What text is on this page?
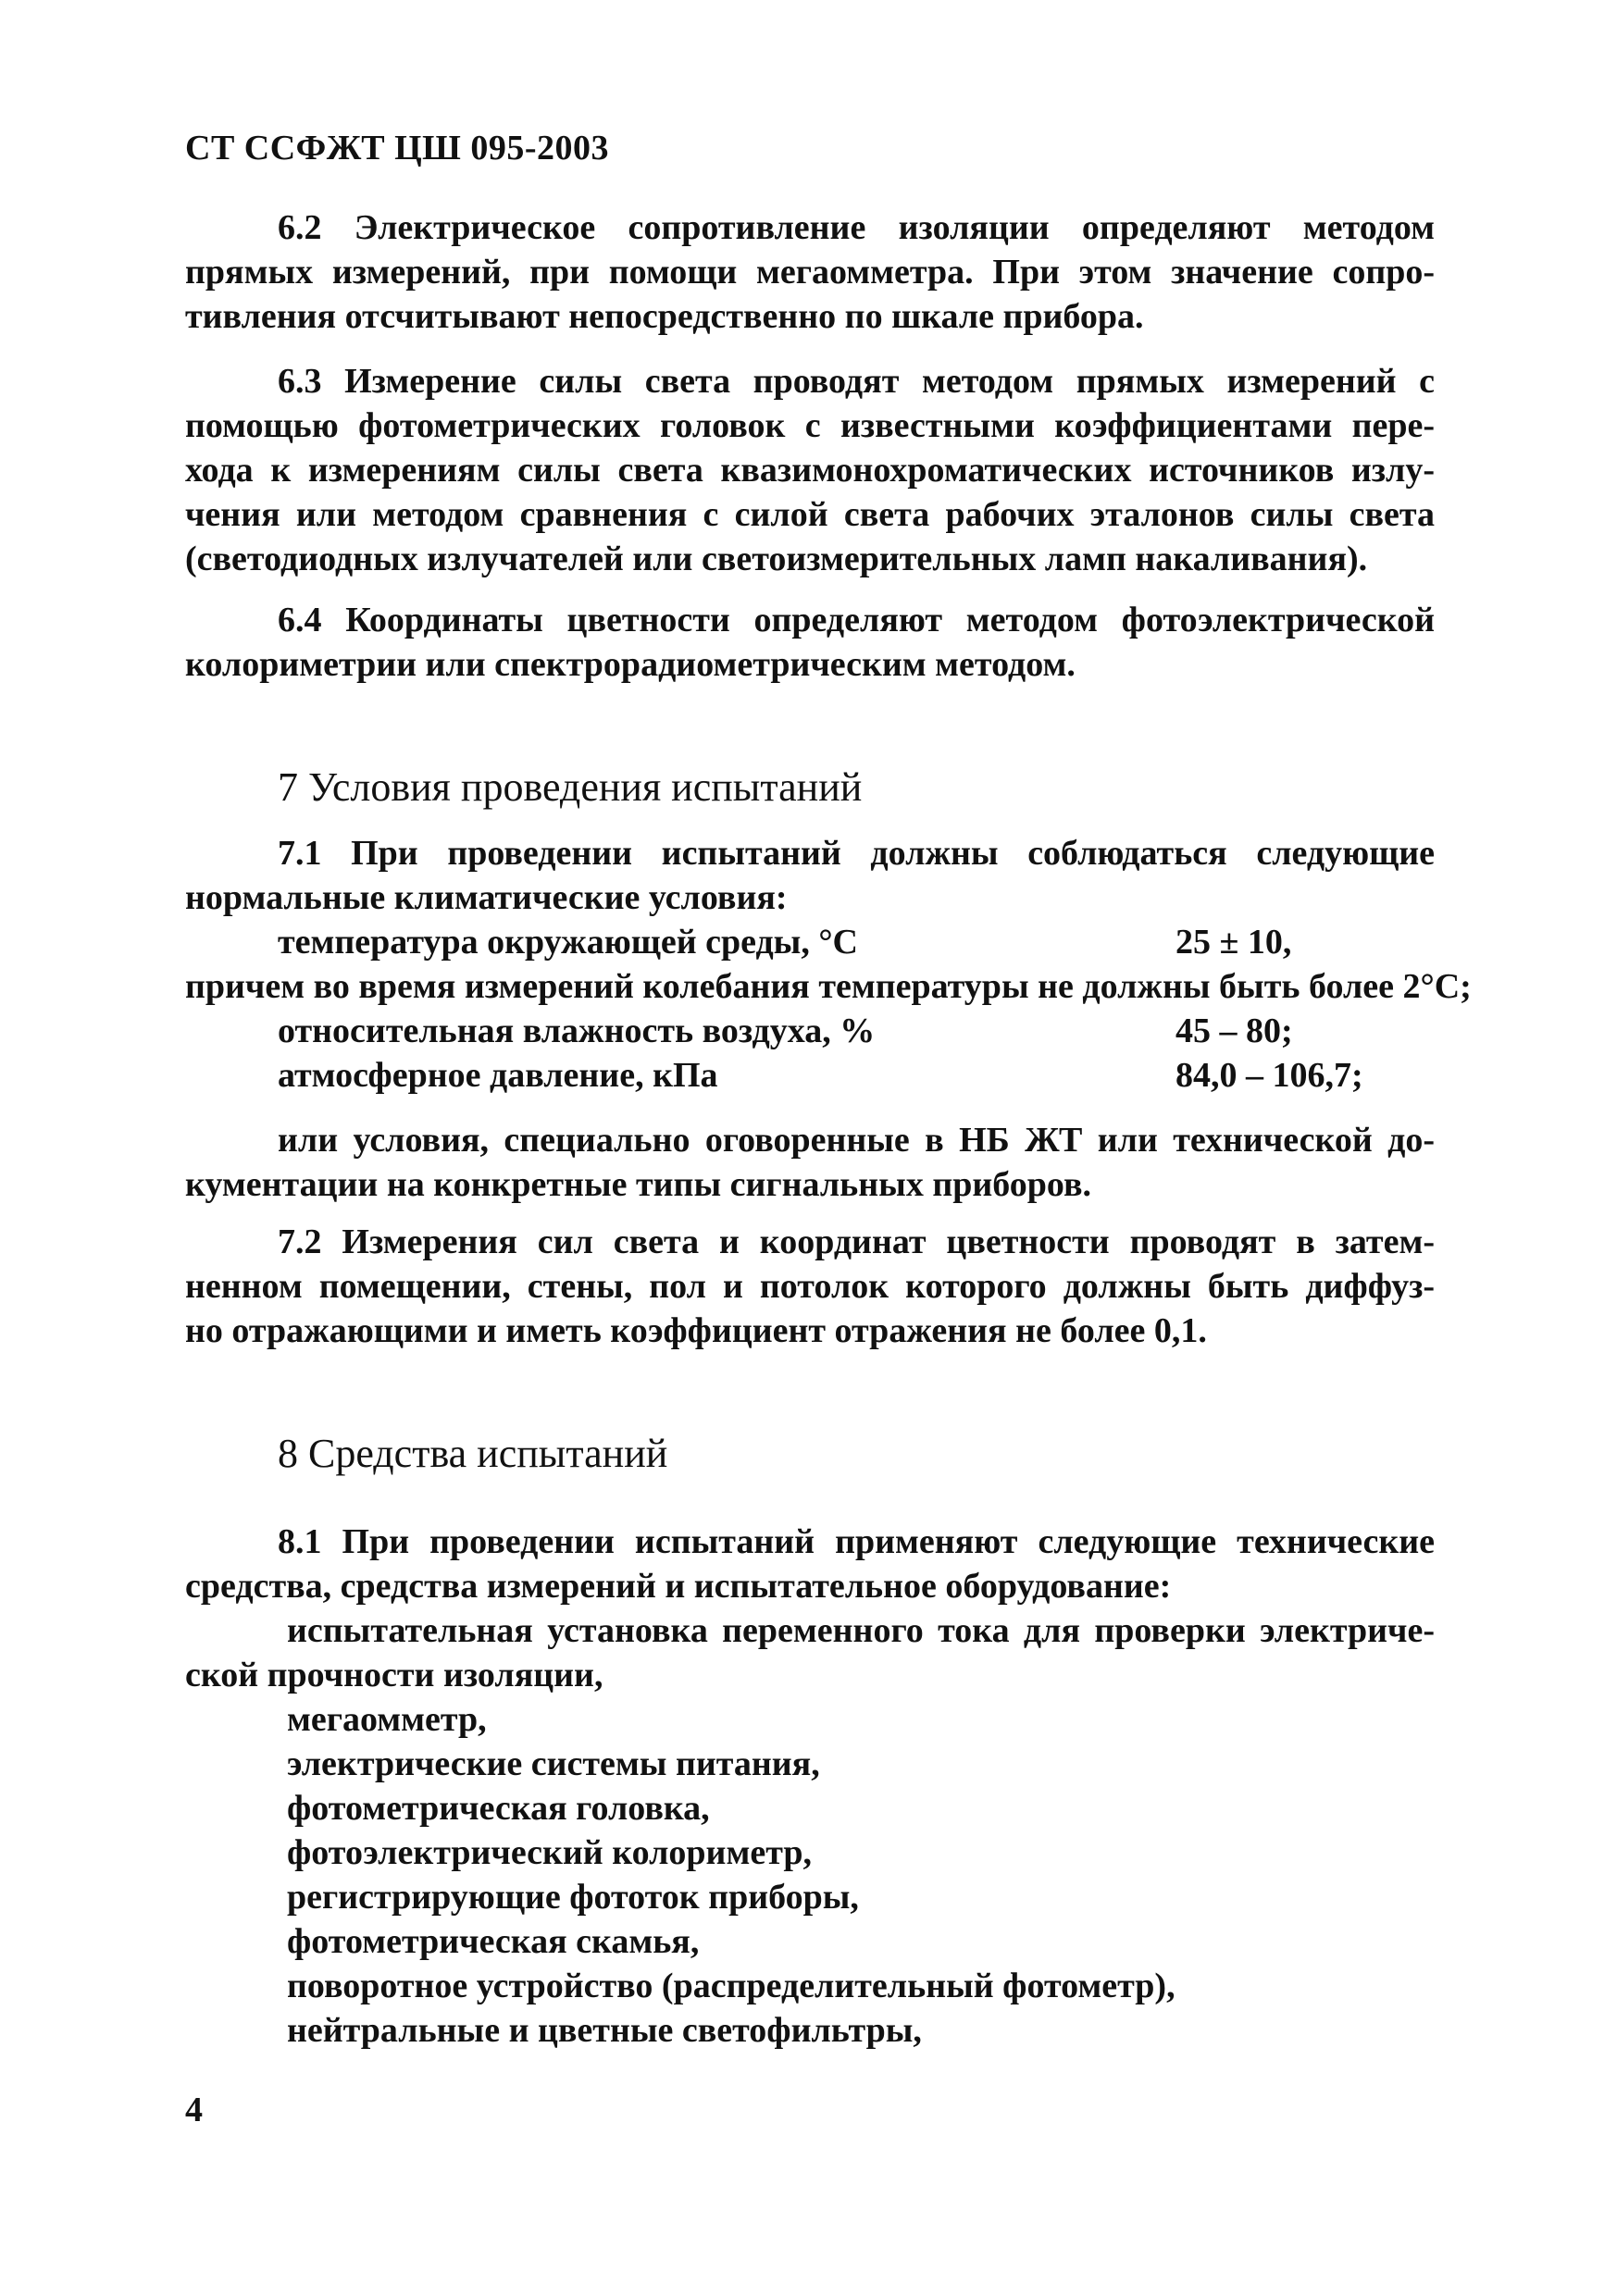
СТ ССФЖТ ЦШ 095-2003
6.2 Электрическое сопротивление изоляции определяют методом
прямых измерений, при помощи мегаомметра. При этом значение сопро-
тивления отсчитывают непосредственно по шкале прибора.
6.3 Измерение силы света проводят методом прямых измерений с
помощью фотометрических головок с известными коэффициентами пере-
хода к измерениям силы света квазимонохроматических источников излу-
чения или методом сравнения с силой света рабочих эталонов силы света
(светодиодных излучателей или светоизмерительных ламп накаливания).
6.4 Координаты цветности определяют методом фотоэлектрической
колориметрии или спектрорадиометрическим методом.
7 Условия проведения испытаний
7.1 При проведении испытаний должны соблюдаться следующие
нормальные климатические условия:
температура окружающей среды, °С	25 ± 10,
причем во время измерений колебания температуры не должны быть более 2°С;
относительная влажность воздуха, %	45 – 80;
атмосферное давление, кПа	84,0 – 106,7;
или условия, специально оговоренные в НБ ЖТ или технической до-
кументации на конкретные типы сигнальных приборов.
7.2 Измерения сил света и координат цветности проводят в затем-
ненном помещении, стены, пол и потолок которого должны быть диффуз-
но отражающими и иметь коэффициент отражения не более 0,1.
8 Средства испытаний
8.1 При проведении испытаний применяют следующие технические
средства, средства измерений и испытательное оборудование:
испытательная установка переменного тока для проверки электриче-
ской прочности изоляции,
мегаомметр,
электрические системы питания,
фотометрическая головка,
фотоэлектрический колориметр,
регистрирующие фототок приборы,
фотометрическая скамья,
поворотное устройство (распределительный фотометр),
нейтральные и цветные светофильтры,
4
